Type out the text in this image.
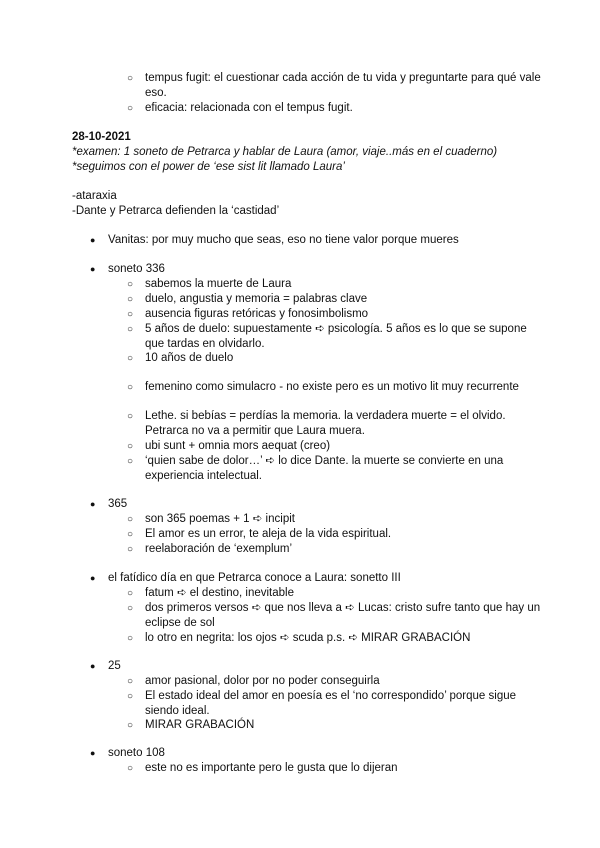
○ tempus fugit: el cuestionar cada acción de tu vida y preguntarte para qué vale
eso.
○ eficacia: relacionada con el tempus fugit.
28-10-2021
*examen: 1 soneto de Petrarca y hablar de Laura (amor, viaje..más en el cuaderno)
*seguimos con el power de ‘ese sist lit llamado Laura’
-ataraxia
-Dante y Petrarca defienden la ‘castidad’
● Vanitas: por muy mucho que seas, eso no tiene valor porque mueres
● soneto 336
○ sabemos la muerte de Laura
○ duelo, angustia y memoria = palabras clave
○ ausencia figuras retóricas y fonosimbolismo
○ 5 años de duelo: supuestamente ➪ psicología. 5 años es lo que se supone
que tardas en olvidarlo.
○ 10 años de duelo
○ femenino como simulacro - no existe pero es un motivo lit muy recurrente
○ Lethe. si bebías = perdías la memoria. la verdadera muerte = el olvido.
Petrarca no va a permitir que Laura muera.
○ ubi sunt + omnia mors aequat (creo)
○ ‘quien sabe de dolor…’ ➪ lo dice Dante. la muerte se convierte en una
experiencia intelectual.
● 365
○ son 365 poemas + 1 ➪ incipit
○ El amor es un error, te aleja de la vida espiritual.
○ reelaboración de ‘exemplum’
● el fatídico día en que Petrarca conoce a Laura: sonetto III
○ fatum ➪ el destino, inevitable
○ dos primeros versos ➪ que nos lleva a ➪ Lucas: cristo sufre tanto que hay un
eclipse de sol
○ lo otro en negrita: los ojos ➪ scuda p.s. ➪ MIRAR GRABACIÓN
● 25
○ amor pasional, dolor por no poder conseguirla
○ El estado ideal del amor en poesía es el ‘no correspondido’ porque sigue
siendo ideal.
○ MIRAR GRABACIÓN
● soneto 108
○ este no es importante pero le gusta que lo dijeran
